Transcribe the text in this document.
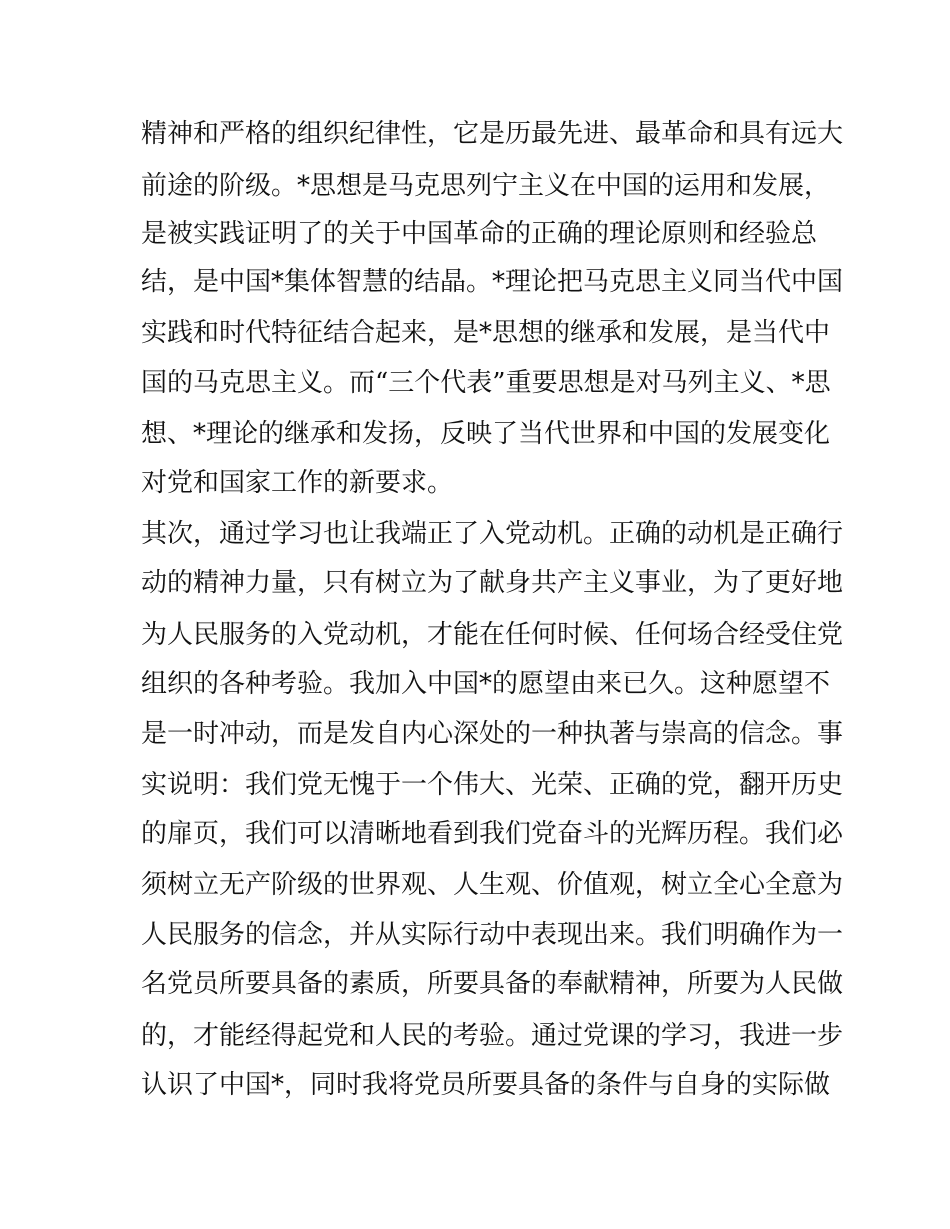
精神和严格的组织纪律性，它是历最先进、最革命和具有远大
前途的阶级。*思想是马克思列宁主义在中国的运用和发展，
是被实践证明了的关于中国革命的正确的理论原则和经验总
结，是中国*集体智慧的结晶。*理论把马克思主义同当代中国
实践和时代特征结合起来，是*思想的继承和发展，是当代中
国的马克思主义。而“三个代表”重要思想是对马列主义、*思
想、*理论的继承和发扬，反映了当代世界和中国的发展变化
对党和国家工作的新要求。
其次，通过学习也让我端正了入党动机。正确的动机是正确行
动的精神力量，只有树立为了献身共产主义事业，为了更好地
为人民服务的入党动机，才能在任何时候、任何场合经受住党
组织的各种考验。我加入中国*的愿望由来已久。这种愿望不
是一时冲动，而是发自内心深处的一种执著与崇高的信念。事
实说明：我们党无愧于一个伟大、光荣、正确的党，翻开历史
的扉页，我们可以清晰地看到我们党奋斗的光辉历程。我们必
须树立无产阶级的世界观、人生观、价值观，树立全心全意为
人民服务的信念，并从实际行动中表现出来。我们明确作为一
名党员所要具备的素质，所要具备的奉献精神，所要为人民做
的，才能经得起党和人民的考验。通过党课的学习，我进一步
认识了中国*，同时我将党员所要具备的条件与自身的实际做
